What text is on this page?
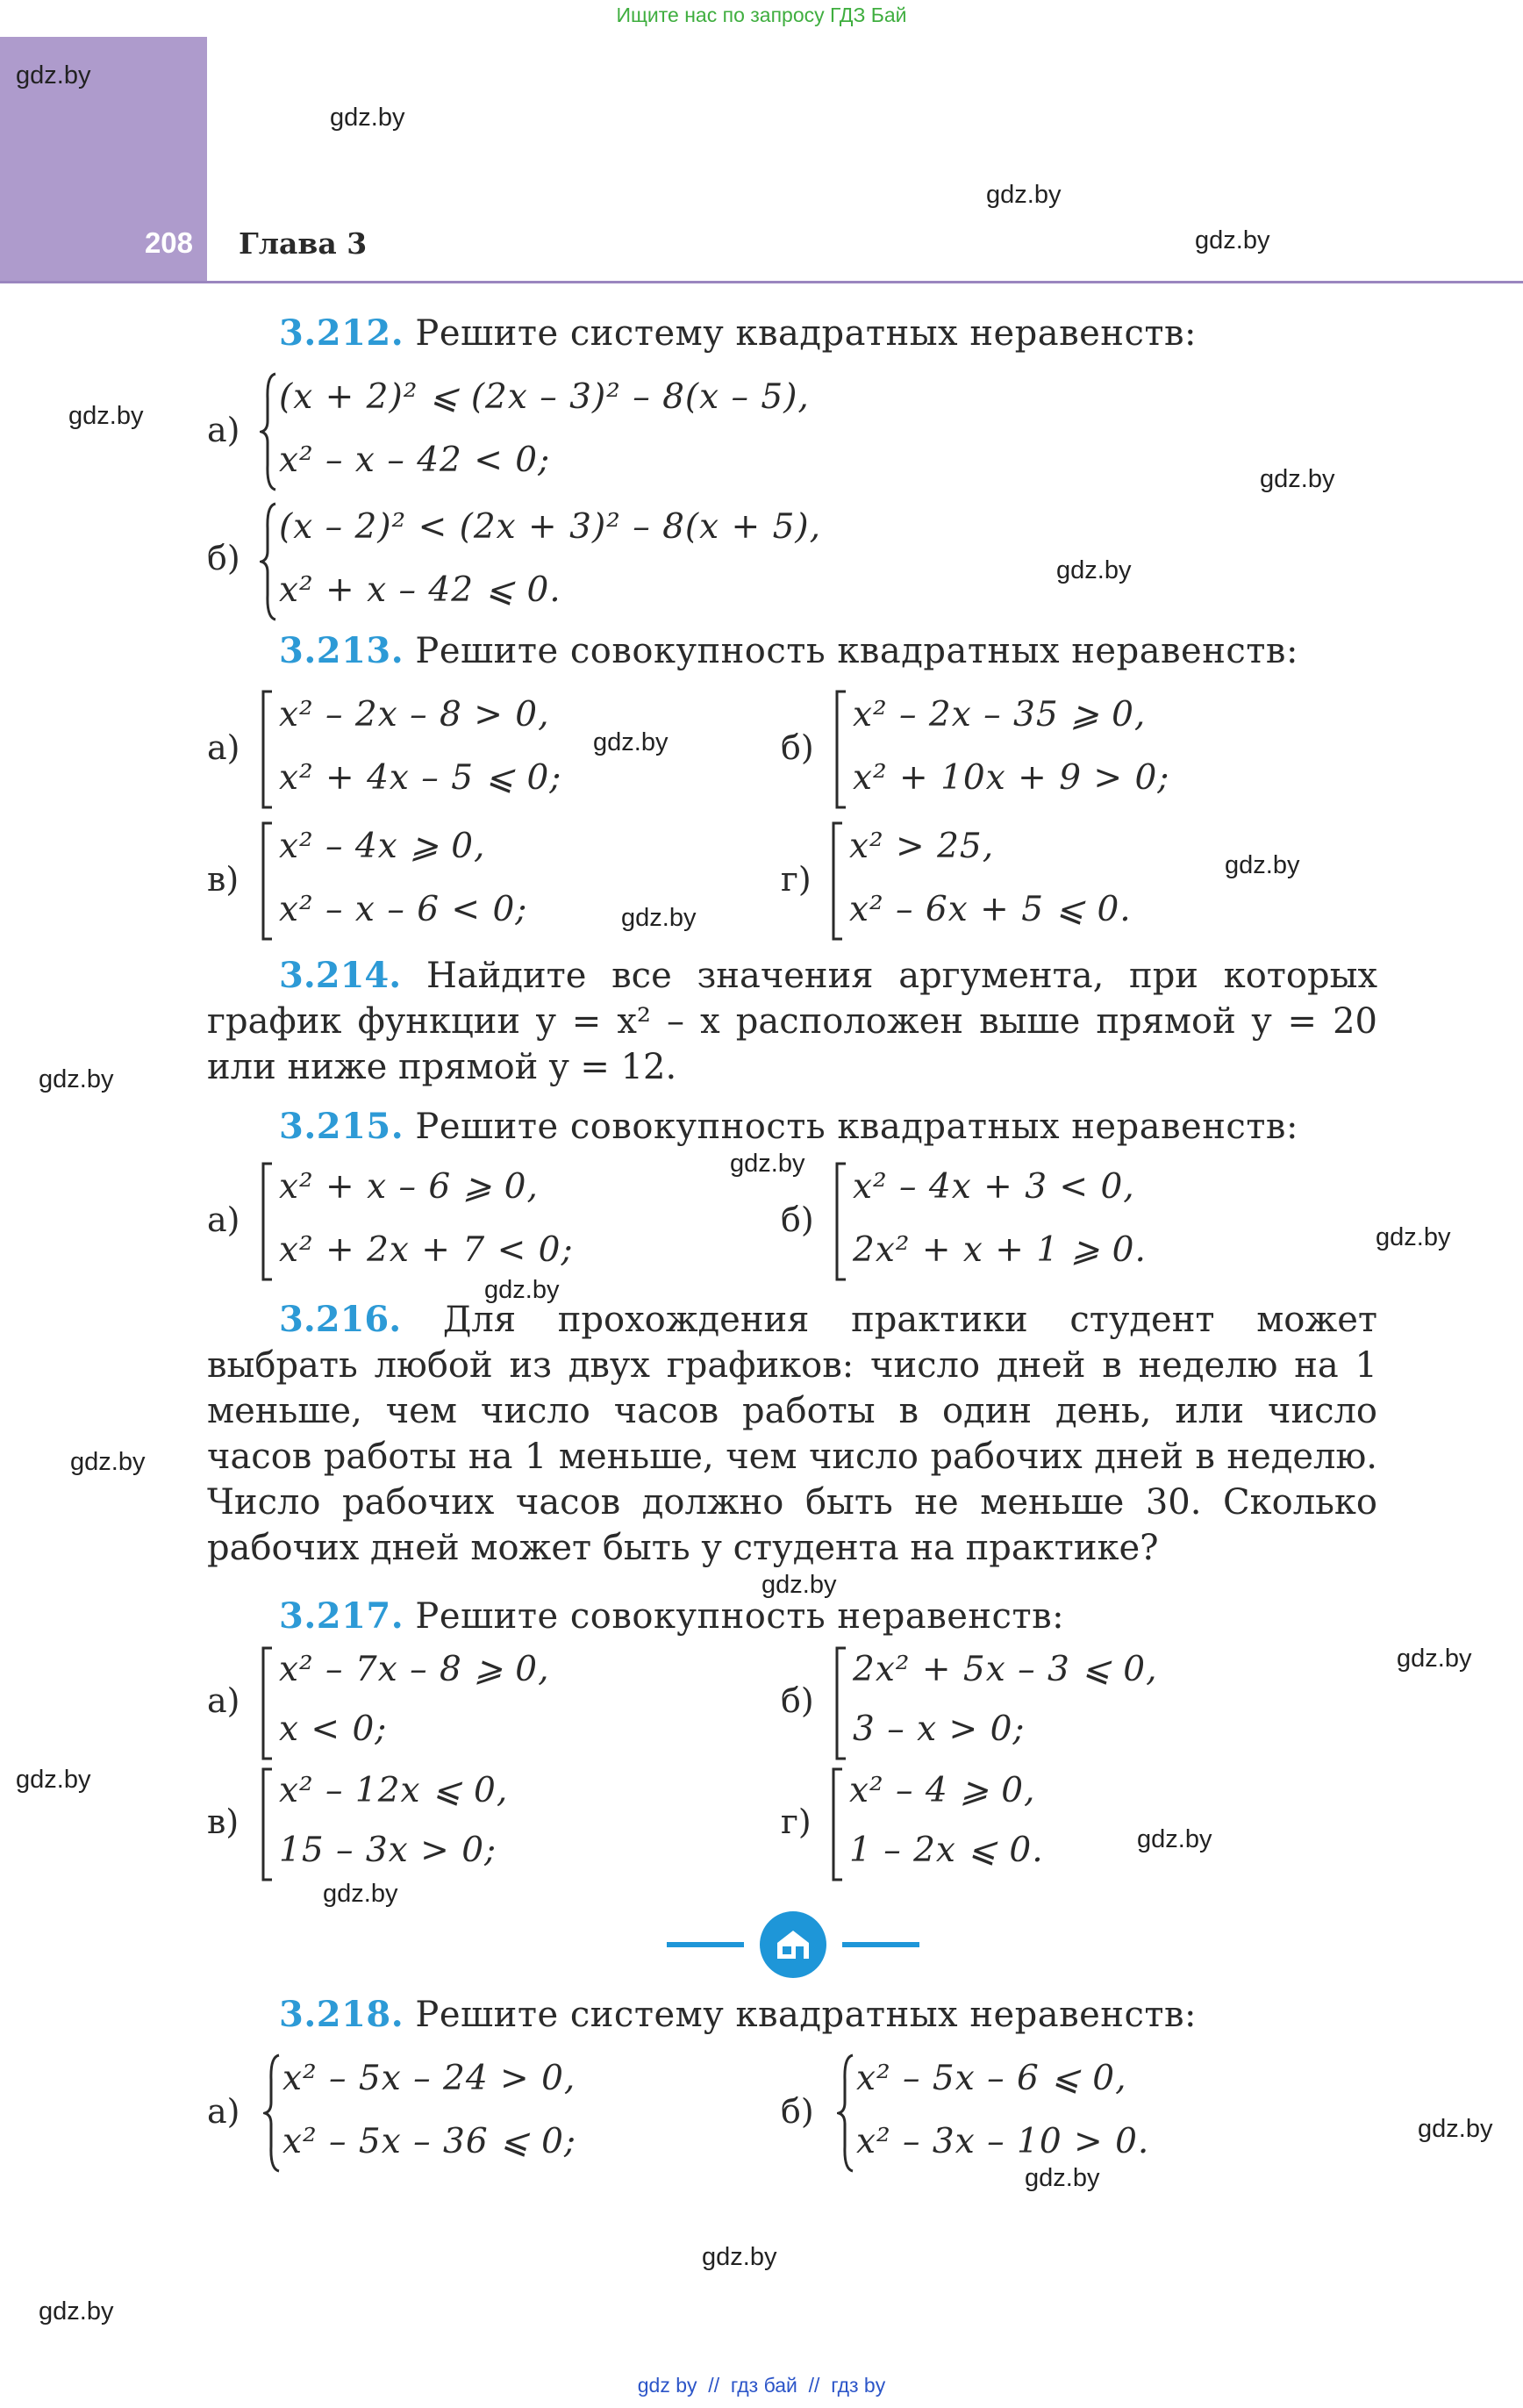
Ищите нас по запросу ГДЗ Бай
208 Глава 3
gdz.by
gdz.by
gdz.by
gdz.by
gdz.by
gdz.by
gdz.by
gdz.by
gdz.by
gdz.by
gdz.by
gdz.by
gdz.by
gdz.by
gdz.by
gdz.by
gdz.by
gdz.by
gdz.by
gdz.by
gdz.by
gdz.by
gdz.by
gdz.by
3.212. Решите систему квадратных неравенств:
а)
(x + 2)² ⩽ (2x – 3)² – 8(x – 5),
x² – x – 42 < 0;
б)
(x – 2)² < (2x + 3)² – 8(x + 5),
x² + x – 42 ⩽ 0.
3.213. Решите совокупность квадратных неравенств:
а)
x² – 2x – 8 > 0,
x² + 4x – 5 ⩽ 0;
б)
x² – 2x – 35 ⩾ 0,
x² + 10x + 9 > 0;
в)
x² – 4x ⩾ 0,
x² – x – 6 < 0;
г)
x² > 25,
x² – 6x + 5 ⩽ 0.
3.214. Найдите все значения аргумента, при которых график функции y = x² – x расположен выше прямой y = 20 или ниже прямой y = 12.
3.215. Решите совокупность квадратных неравенств:
а)
x² + x – 6 ⩾ 0,
x² + 2x + 7 < 0;
б)
x² – 4x + 3 < 0,
2x² + x + 1 ⩾ 0.
3.216. Для прохождения практики студент может выбрать любой из двух графиков: число дней в неделю на 1 меньше, чем число часов работы в один день, или число часов работы на 1 меньше, чем число рабочих дней в неделю. Число рабочих часов должно быть не меньше 30. Сколько рабочих дней может быть у студента на практике?
3.217. Решите совокупность неравенств:
а)
x² – 7x – 8 ⩾ 0,
x < 0;
б)
2x² + 5x – 3 ⩽ 0,
3 – x > 0;
в)
x² – 12x ⩽ 0,
15 – 3x > 0;
г)
x² – 4 ⩾ 0,
1 – 2x ⩽ 0.
3.218. Решите систему квадратных неравенств:
а)
x² – 5x – 24 > 0,
x² – 5x – 36 ⩽ 0;
б)
x² – 5x – 6 ⩽ 0,
x² – 3x – 10 > 0.
gdz by  //  гдз бай  //  гдз by
